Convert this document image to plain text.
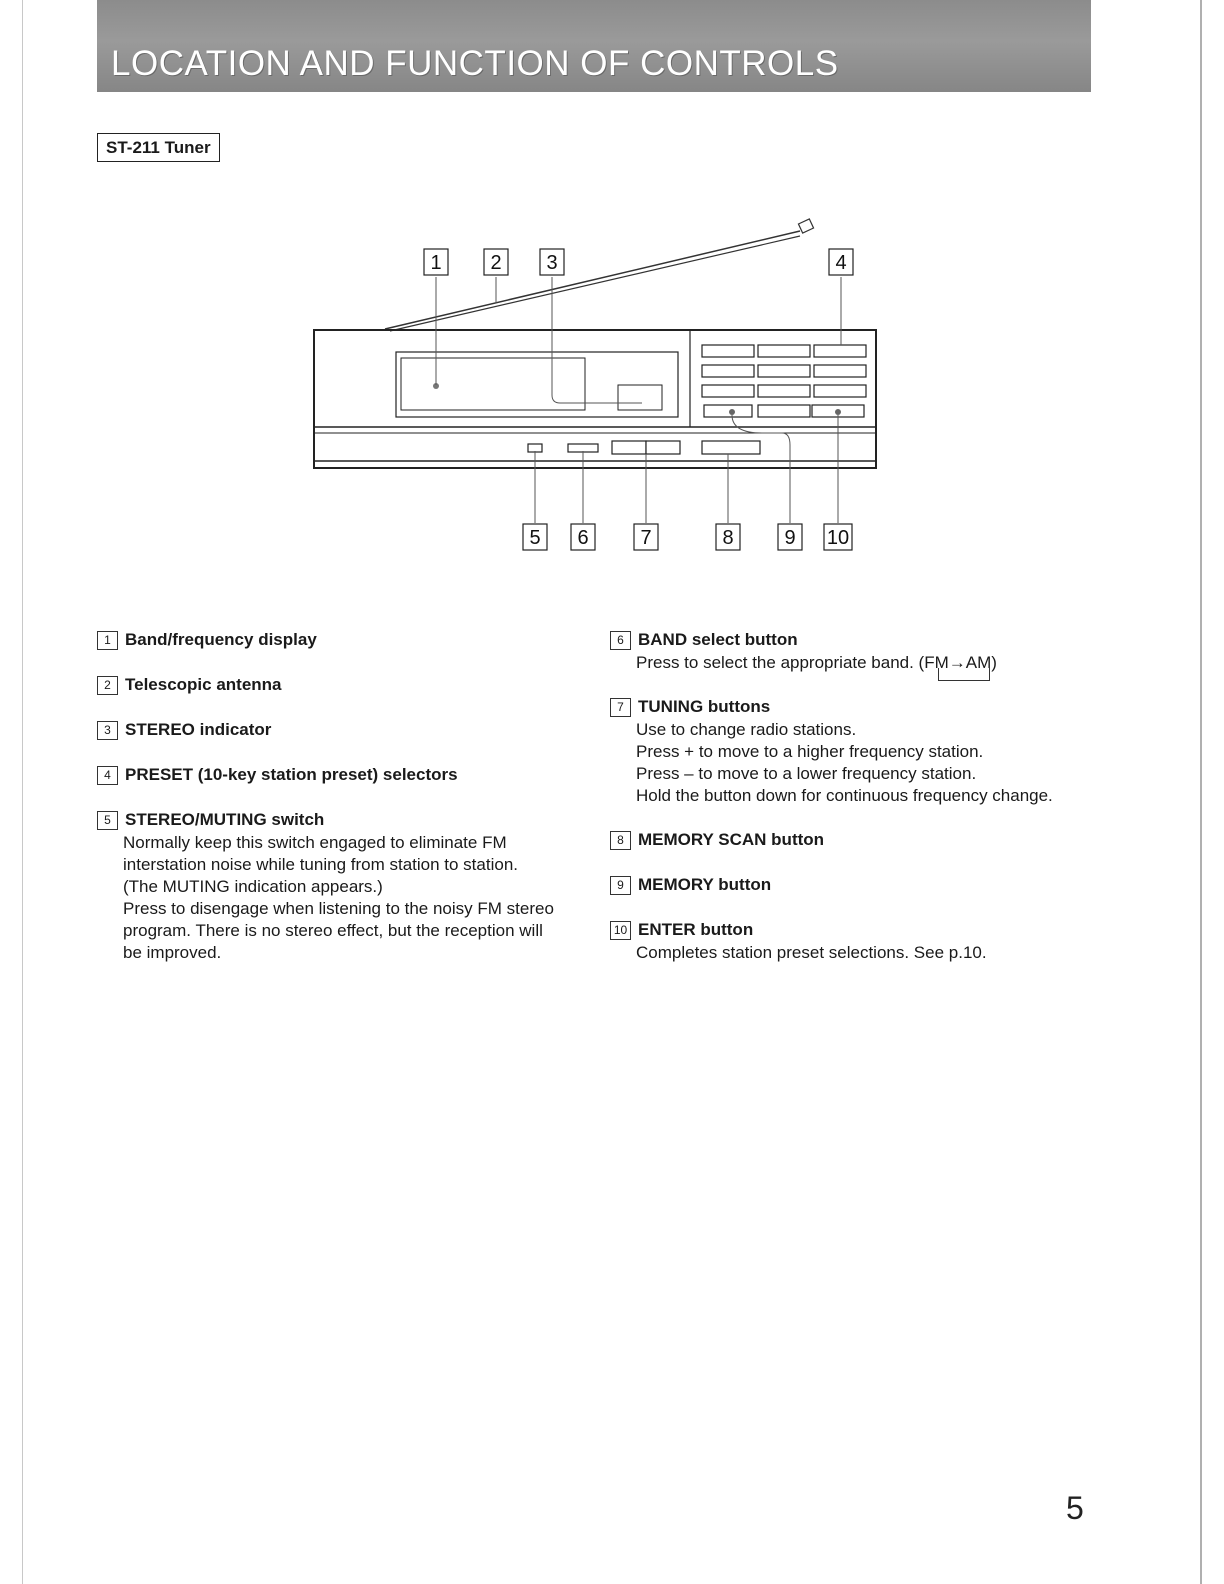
LOCATION AND FUNCTION OF CONTROLS
ST-211 Tuner
1 2 3	4
5 6	7	8	9 10
1 Band/frequency display
2 Telescopic antenna
3 STEREO indicator
4 PRESET (10-key station preset) selectors
5 STEREO/MUTING switch

Normally keep this switch engaged to eliminate FM

interstation noise while tuning from station to station.

(The MUTING indication appears.)

Press to disengage when listening to the noisy FM stereo

program. There is no stereo effect, but the reception will

be improved.

6 BAND select button

Press to select the appropriate band. (FM→AM)

7 TUNING buttons

Use to change radio stations.

Press + to move to a higher frequency station.

Press – to move to a lower frequency station.

Hold the button down for continuous frequency change.

8 MEMORY SCAN button
9 MEMORY button
10 ENTER button

Completes station preset selections. See p.10.

5
